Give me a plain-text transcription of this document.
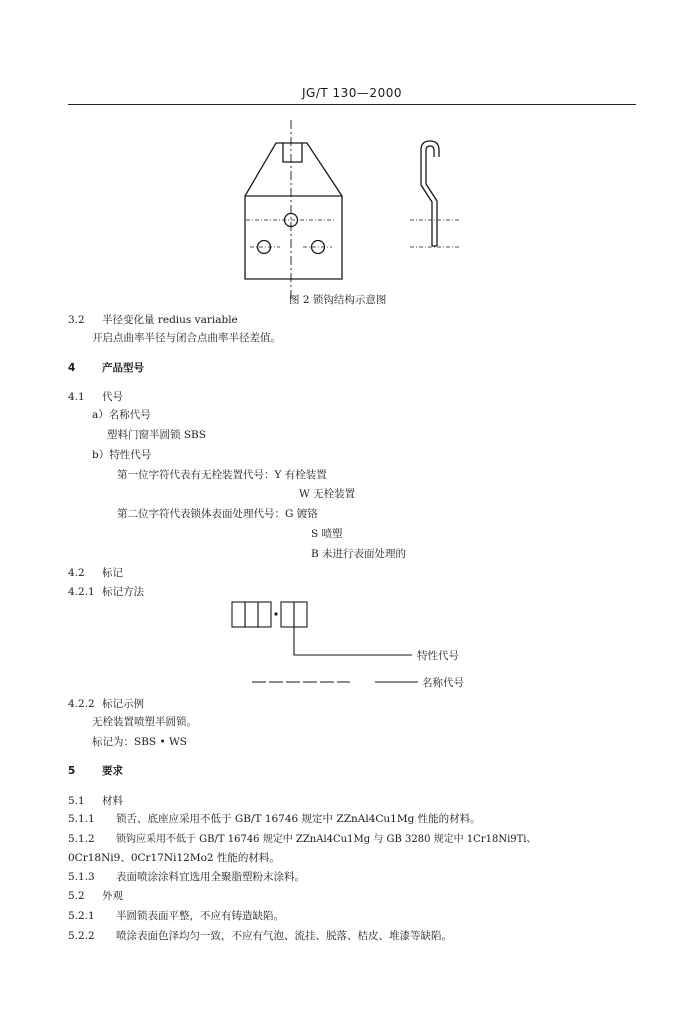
JG/T 130—2000
图 2 锁钩结构示意图
3.2 半径变化量 redius variable
开启点曲率半径与闭合点曲率半径差值。
4	产品型号
4.1 代号
a）名称代号
塑料门窗半圆锁 SBS
b）特性代号
第一位字符代表有无栓装置代号：Y 有栓装置
W 无栓装置
第二位字符代表锁体表面处理代号：G 镀铬
S 喷塑
B 未进行表面处理的
4.2 标记
4.2.1 标记方法
特性代号
名称代号
4.2.2 标记示例
无栓装置喷塑半圆锁。
标记为：SBS • WS
5	要求
5.1 材料
5.1.1 锁舌、底座应采用不低于 GB/T 16746 规定中 ZZnAl4Cu1Mg 性能的材料。
5.1.2 锁钩应采用不低于 GB/T 16746 规定中 ZZnAl4Cu1Mg 与 GB 3280 规定中 1Cr18Ni9Ti、
0Cr18Ni9、0Cr17Ni12Mo2 性能的材料。
5.1.3 表面喷涂涂料宜选用全聚脂塑粉末涂料。
5.2 外观
5.2.1 半圆锁表面平整，不应有铸造缺陷。
5.2.2 喷涂表面色泽均匀一致，不应有气泡、流挂、脱落、桔皮、堆漆等缺陷。
